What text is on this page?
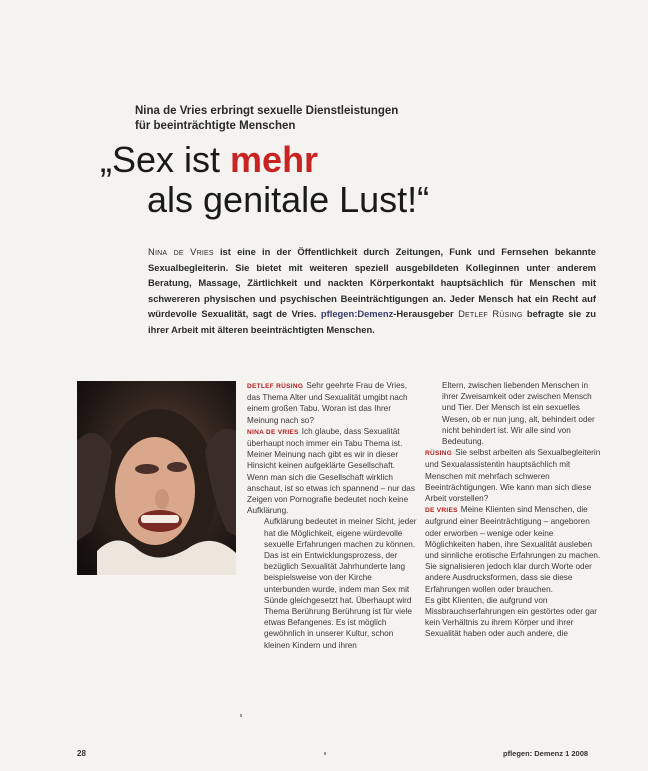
Nina de Vries erbringt sexuelle Dienstleistungen
für beeinträchtigte Menschen
„Sex ist mehr
als genitale Lust!“
Nina de Vries ist eine in der Öffentlichkeit durch Zeitungen, Funk und Fernsehen bekannte Sexualbegleiterin. Sie bietet mit weiteren speziell ausgebildeten Kolleginnen unter anderem Beratung, Massage, Zärtlichkeit und nackten Körperkontakt hauptsächlich für Menschen mit schwereren physischen und psychischen Beeinträchtigungen an. Jeder Mensch hat ein Recht auf würdevolle Sexualität, sagt de Vries. pflegen:Demenz-Herausgeber Detlef Rüsing befragte sie zu ihrer Arbeit mit älteren beeinträchtigten Menschen.

DETLEF RÜSING Sehr geehrte Frau de Vries, das Thema Alter und Sexualität umgibt nach einem großen Tabu. Woran ist das Ihrer Meinung nach so?

NINA DE VRIES Ich glaube, dass Sexualität überhaupt noch immer ein Tabu Thema ist. Meiner Meinung nach gibt es wir in dieser Hinsicht keinen aufgeklärte Gesellschaft. Wenn man sich die Gesellschaft wirklich anschaut, ist so etwas ich spannend – nur das Zeigen von Pornografie bedeutet noch keine Aufklärung.

Aufklärung bedeutet in meiner Sicht, jeder hat die Möglichkeit, eigene würdevolle sexuelle Erfahrungen machen zu können. Das ist ein Entwicklungsprozess, der bezüglich Sexualität Jahrhunderte lang beispielsweise von der Kirche unterbunden wurde, indem man Sex mit Sünde gleichgesetzt hat. Überhaupt wird Thema Berührung Berührung ist für viele etwas Befangenes. Es ist möglich gewöhnlich in unserer Kultur, schon kleinen Kindern und ihren

Eltern, zwischen liebenden Menschen in ihrer Zweisamkeit oder zwischen Mensch und Tier. Der Mensch ist ein sexuelles Wesen, ob er nun jung, alt, behindert oder nicht behindert ist. Wir alle sind von Bedeutung.

RÜSING Sie selbst arbeiten als Sexualbegleiterin und Sexualassistentin hauptsächlich mit Menschen mit mehrfach schweren Beeinträchtigungen. Wie kann man sich diese Arbeit vorstellen?

DE VRIES Meine Klienten sind Menschen, die aufgrund einer Beeinträchtigung – angeboren oder erworben – wenige oder keine Möglichkeiten haben, ihre Sexualität ausleben und sinnliche erotische Erfahrungen zu machen. Sie signalisieren jedoch klar durch Worte oder andere Ausdrucksformen, dass sie diese Erfahrungen wollen oder brauchen.

Es gibt Klienten, die aufgrund von Missbrauchserfahrungen ein gestörtes oder gar kein Verhältnis zu ihrem Körper und ihrer Sexualität haben oder auch andere, die

28	pflegen: Demenz 1 2008
